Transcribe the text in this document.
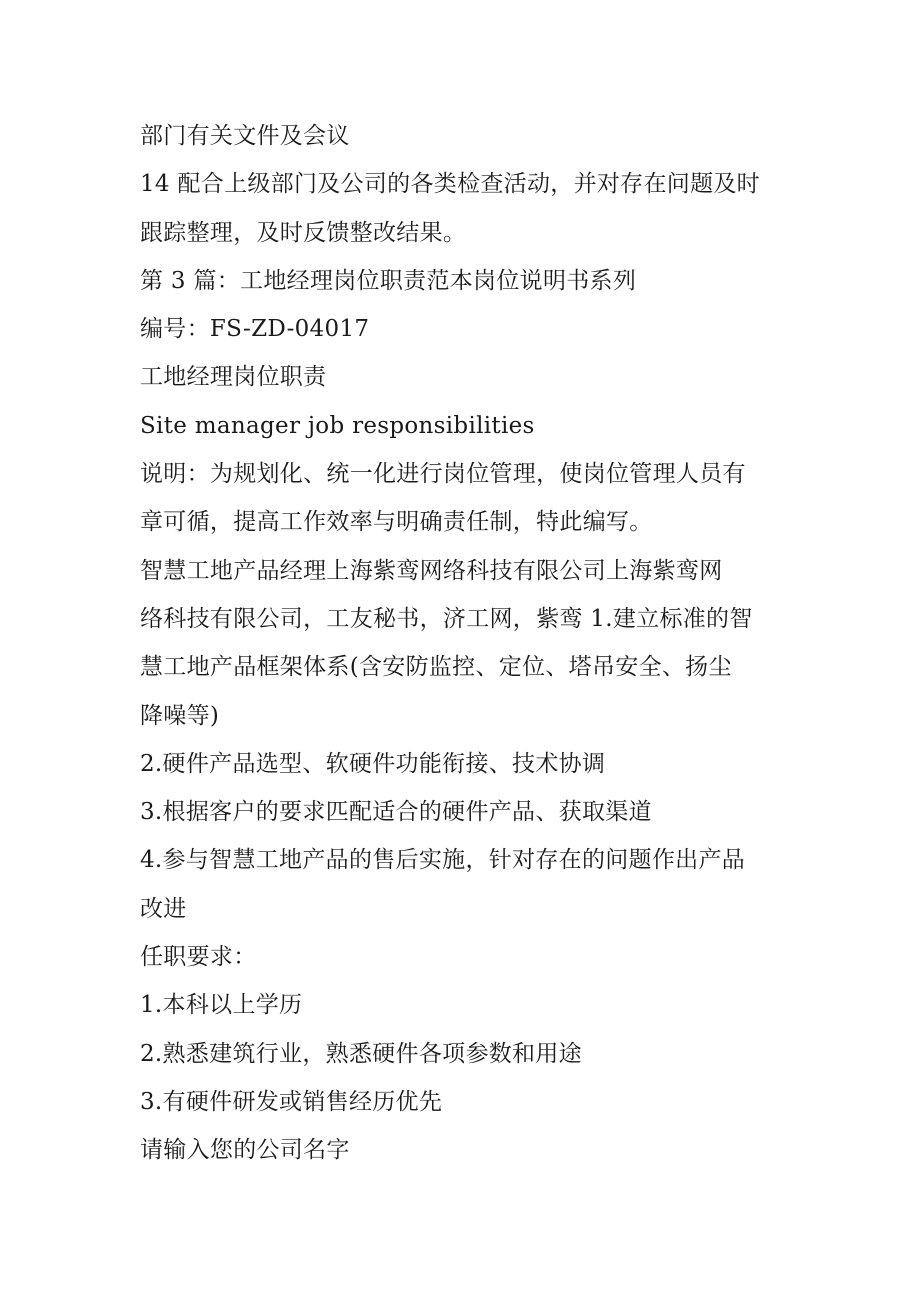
部门有关文件及会议
14 配合上级部门及公司的各类检查活动，并对存在问题及时
跟踪整理，及时反馈整改结果。
第 3 篇：工地经理岗位职责范本岗位说明书系列
编号：FS-ZD-04017
工地经理岗位职责
Site manager job responsibilities
说明：为规划化、统一化进行岗位管理，使岗位管理人员有
章可循，提高工作效率与明确责任制，特此编写。
智慧工地产品经理上海紫鸾网络科技有限公司上海紫鸾网
络科技有限公司，工友秘书，济工网，紫鸾 1.建立标准的智
慧工地产品框架体系(含安防监控、定位、塔吊安全、扬尘
降噪等)
2.硬件产品选型、软硬件功能衔接、技术协调
3.根据客户的要求匹配适合的硬件产品、获取渠道
4.参与智慧工地产品的售后实施，针对存在的问题作出产品
改进
任职要求：
1.本科以上学历
2.熟悉建筑行业，熟悉硬件各项参数和用途
3.有硬件研发或销售经历优先
请输入您的公司名字
